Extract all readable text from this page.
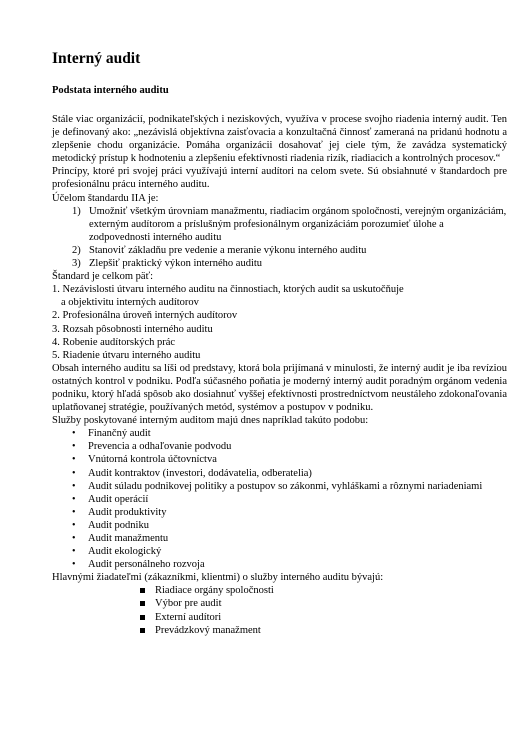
Interný audit
Podstata interného auditu

Stále viac organizácií, podnikateľských i neziskových, využíva v procese svojho riadenia interný audit. Ten je definovaný ako: „nezávislá objektívna zaisťovacia a konzultačná činnosť zameraná na pridanú hodnotu a zlepšenie chodu organizácie. Pomáha organizácii dosahovať jej ciele tým, že zavádza systematický metodický prístup k hodnoteniu a zlepšeniu efektívnosti riadenia rizík, riadiacich a kontrolných procesov.“

Princípy, ktoré pri svojej práci využívajú interní audítori na celom svete. Sú obsiahnuté v štandardoch pre profesionálnu prácu interného auditu.

Účelom štandardu IIA je:

1) Umožniť všetkým úrovniam manažmentu, riadiacim orgánom spoločnosti, verejným organizáciám, externým audítorom a príslušným profesionálnym organizáciám porozumieť úlohe a zodpovednosti interného auditu
2) Stanoviť základňu pre vedenie a meranie výkonu interného auditu
3) Zlepšiť praktický výkon interného auditu

Štandard je celkom päť:

1. Nezávislosti útvaru interného auditu na činnostiach, ktorých audit sa uskutočňuje
a objektivitu interných audítorov
2. Profesionálna úroveň interných audítorov
3. Rozsah pôsobnosti interného auditu
4. Robenie audítorských prác
5. Riadenie útvaru interného auditu

Obsah interného auditu sa líši od predstavy, ktorá bola prijímaná v minulosti, že interný audit je iba revíziou ostatných kontrol v podniku. Podľa súčasného poňatia je moderný interný audit poradným orgánom vedenia podniku, ktorý hľadá spôsob ako dosiahnuť vyššej efektívnosti prostredníctvom neustáleho zdokonaľovania uplatňovanej stratégie, používaných metód, systémov a postupov v podniku.

Služby poskytované interným auditom majú dnes napríklad takúto podobu:

• Finančný audit
• Prevencia a odhaľovanie podvodu
• Vnútorná kontrola účtovníctva
• Audit kontraktov (investori, dodávatelia, odberatelia)
• Audit súladu podnikovej politiky a postupov so zákonmi, vyhláškami a rôznymi nariadeniami
• Audit operácií
• Audit produktivity
• Audit podniku
• Audit manažmentu
• Audit ekologický
• Audit personálneho rozvoja

Hlavnými žiadateľmi (zákazníkmi, klientmi) o služby interného auditu bývajú:

Riadiace orgány spoločnosti
Výbor pre audit
Externí audítori
Prevádzkový manažment
